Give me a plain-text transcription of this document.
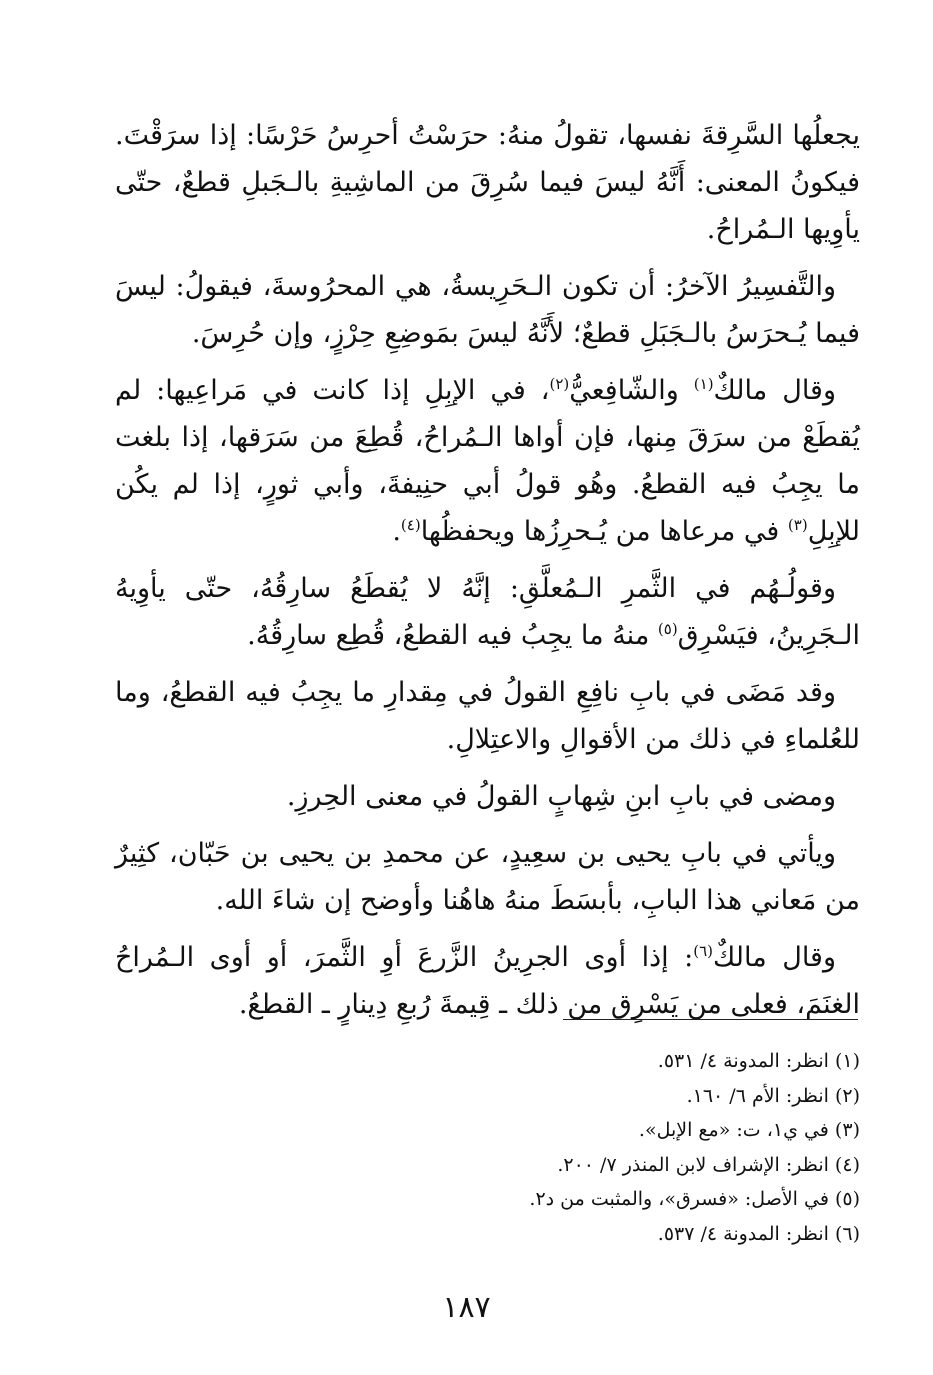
يجعلُها السَّرِقةَ نفسها، تقولُ منهُ: حرَسْتُ أحرِسُ حَرْسًا: إذا سرَقْتَ. فيكونُ المعنى: أَنَّهُ ليسَ فيما سُرِقَ من الماشِيةِ بالـجَبلِ قطعٌ، حتّى يأوِيها الـمُراحُ.

والتَّفسِيرُ الآخرُ: أن تكون الـحَرِيسةُ، هي المحرُوسةَ، فيقولُ: ليسَ فيما يُـحرَسُ بالـجَبَلِ قطعٌ؛ لأَنَّهُ ليسَ بمَوضِعِ حِرْزٍ، وإن حُرِسَ.

وقال مالكٌ$^{(١)}$ والشّافِعيُّ$^{(٢)}$، في الإبِلِ إذا كانت في مَراعِيها: لم يُقطَعْ من سرَقَ مِنها، فإن أواها الـمُراحُ، قُطِعَ من سَرَقها، إذا بلغت ما يجِبُ فيه القطعُ. وهُو قولُ أبي حنِيفةَ، وأبي ثورٍ، إذا لم يكُن للإبِلِ$^{(٣)}$ في مرعاها من يُـحرِزُها ويحفظُها$^{(٤)}$.

وقولُـهُم في الثَّمرِ الـمُعلَّقِ: إنَّهُ لا يُقطَعُ سارِقُهُ، حتّى يأوِيهُ الـجَرِينُ، فيَسْرِق$^{(٥)}$ منهُ ما يجِبُ فيه القطعُ، قُطِع سارِقُهُ.

وقد مَضَى في بابِ نافِعِ القولُ في مِقدارِ ما يجِبُ فيه القطعُ، وما للعُلماءِ في ذلك من الأقوالِ والاعتِلالِ.

ومضى في بابِ ابنِ شِهابٍ القولُ في معنى الحِرزِ.

ويأتي في بابِ يحيى بن سعِيدٍ، عن محمدِ بن يحيى بن حَبّان، كثِيرٌ من مَعاني هذا البابِ، بأبسَطَ منهُ هاهُنا وأوضح إن شاءَ الله.

وقال مالكٌ$^{(٦)}$: إذا أوى الجرِينُ الزَّرعَ أوِ الثَّمرَ، أو أوى الـمُراحُ الغنَمَ، فعلى من يَسْرِق من ذلك ـ قِيمةَ رُبعِ دِينارٍ ـ القطعُ.

(١) انظر: المدونة ٤/ ٥٣١.
(٢) انظر: الأم ٦/ ١٦٠.
(٣) في ي١، ت: «مع الإبل».
(٤) انظر: الإشراف لابن المنذر ٧/ ٢٠٠.
(٥) في الأصل: «فسرق»، والمثبت من د٢.
(٦) انظر: المدونة ٤/ ٥٣٧.
١٨٧
